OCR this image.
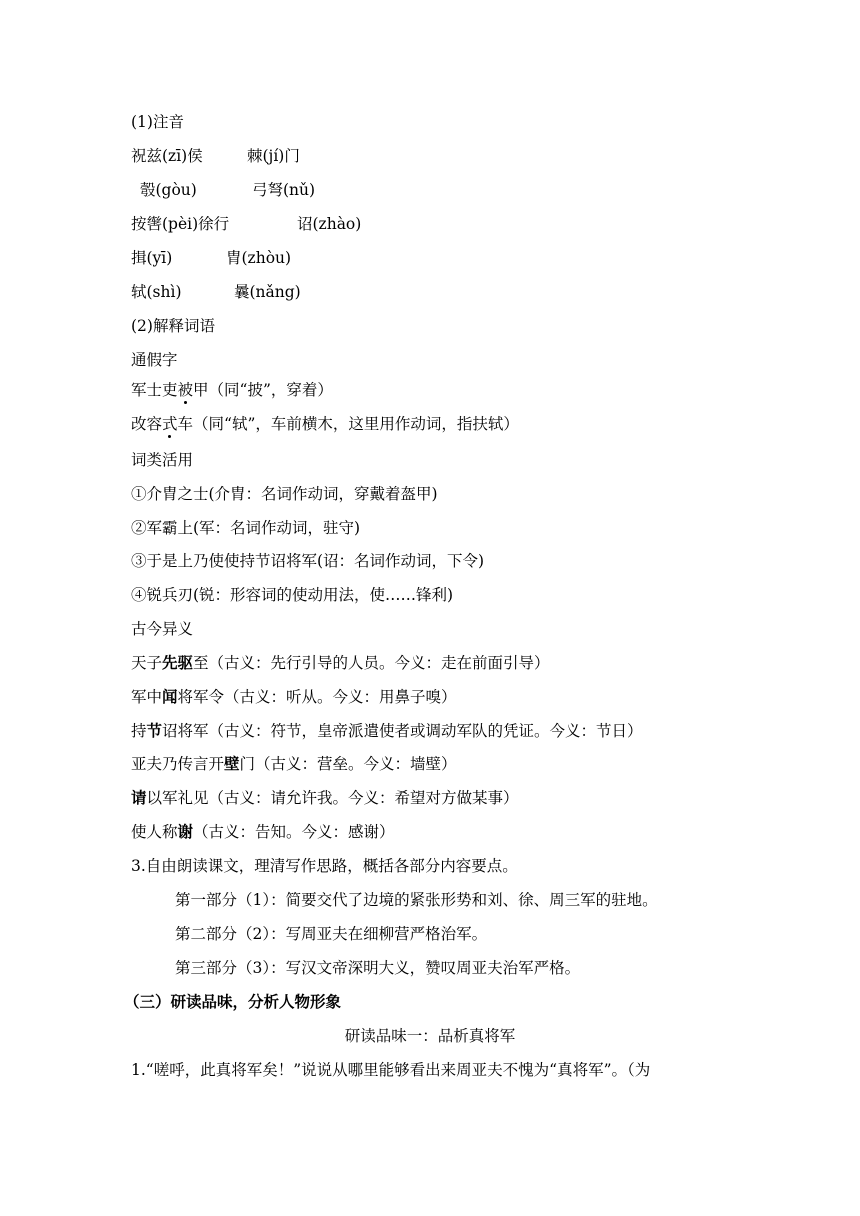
(1)注音
祝兹(zī)侯	棘(jí)门
彀(gòu)	弓弩(nǔ)
按辔(pèi)徐行	诏(zhào)
揖(yī)	胄(zhòu)
轼(shì)	曩(nǎng)
(2)解释词语
通假字
军士吏被甲（同“披”，穿着）
改容式车（同“轼”，车前横木，这里用作动词，指扶轼）
词类活用
①介胄之士(介胄：名词作动词，穿戴着盔甲)
②军霸上(军：名词作动词，驻守)
③于是上乃使使持节诏将军(诏：名词作动词，下令)
④锐兵刃(锐：形容词的使动用法，使……锋利)
古今异义
天子先驱至（古义：先行引导的人员。今义：走在前面引导）
军中闻将军令（古义：听从。今义：用鼻子嗅）
持节诏将军（古义：符节，皇帝派遣使者或调动军队的凭证。今义：节日）
亚夫乃传言开壁门（古义：营垒。今义：墙壁）
请以军礼见（古义：请允许我。今义：希望对方做某事）
使人称谢（古义：告知。今义：感谢）
3.自由朗读课文，理清写作思路，概括各部分内容要点。
第一部分（1）：简要交代了边境的紧张形势和刘、徐、周三军的驻地。
第二部分（2）：写周亚夫在细柳营严格治军。
第三部分（3）：写汉文帝深明大义，赞叹周亚夫治军严格。
（三）研读品味，分析人物形象
研读品味一：品析真将军
1.“嗟呼，此真将军矣！”说说从哪里能够看出来周亚夫不愧为“真将军”。（为
